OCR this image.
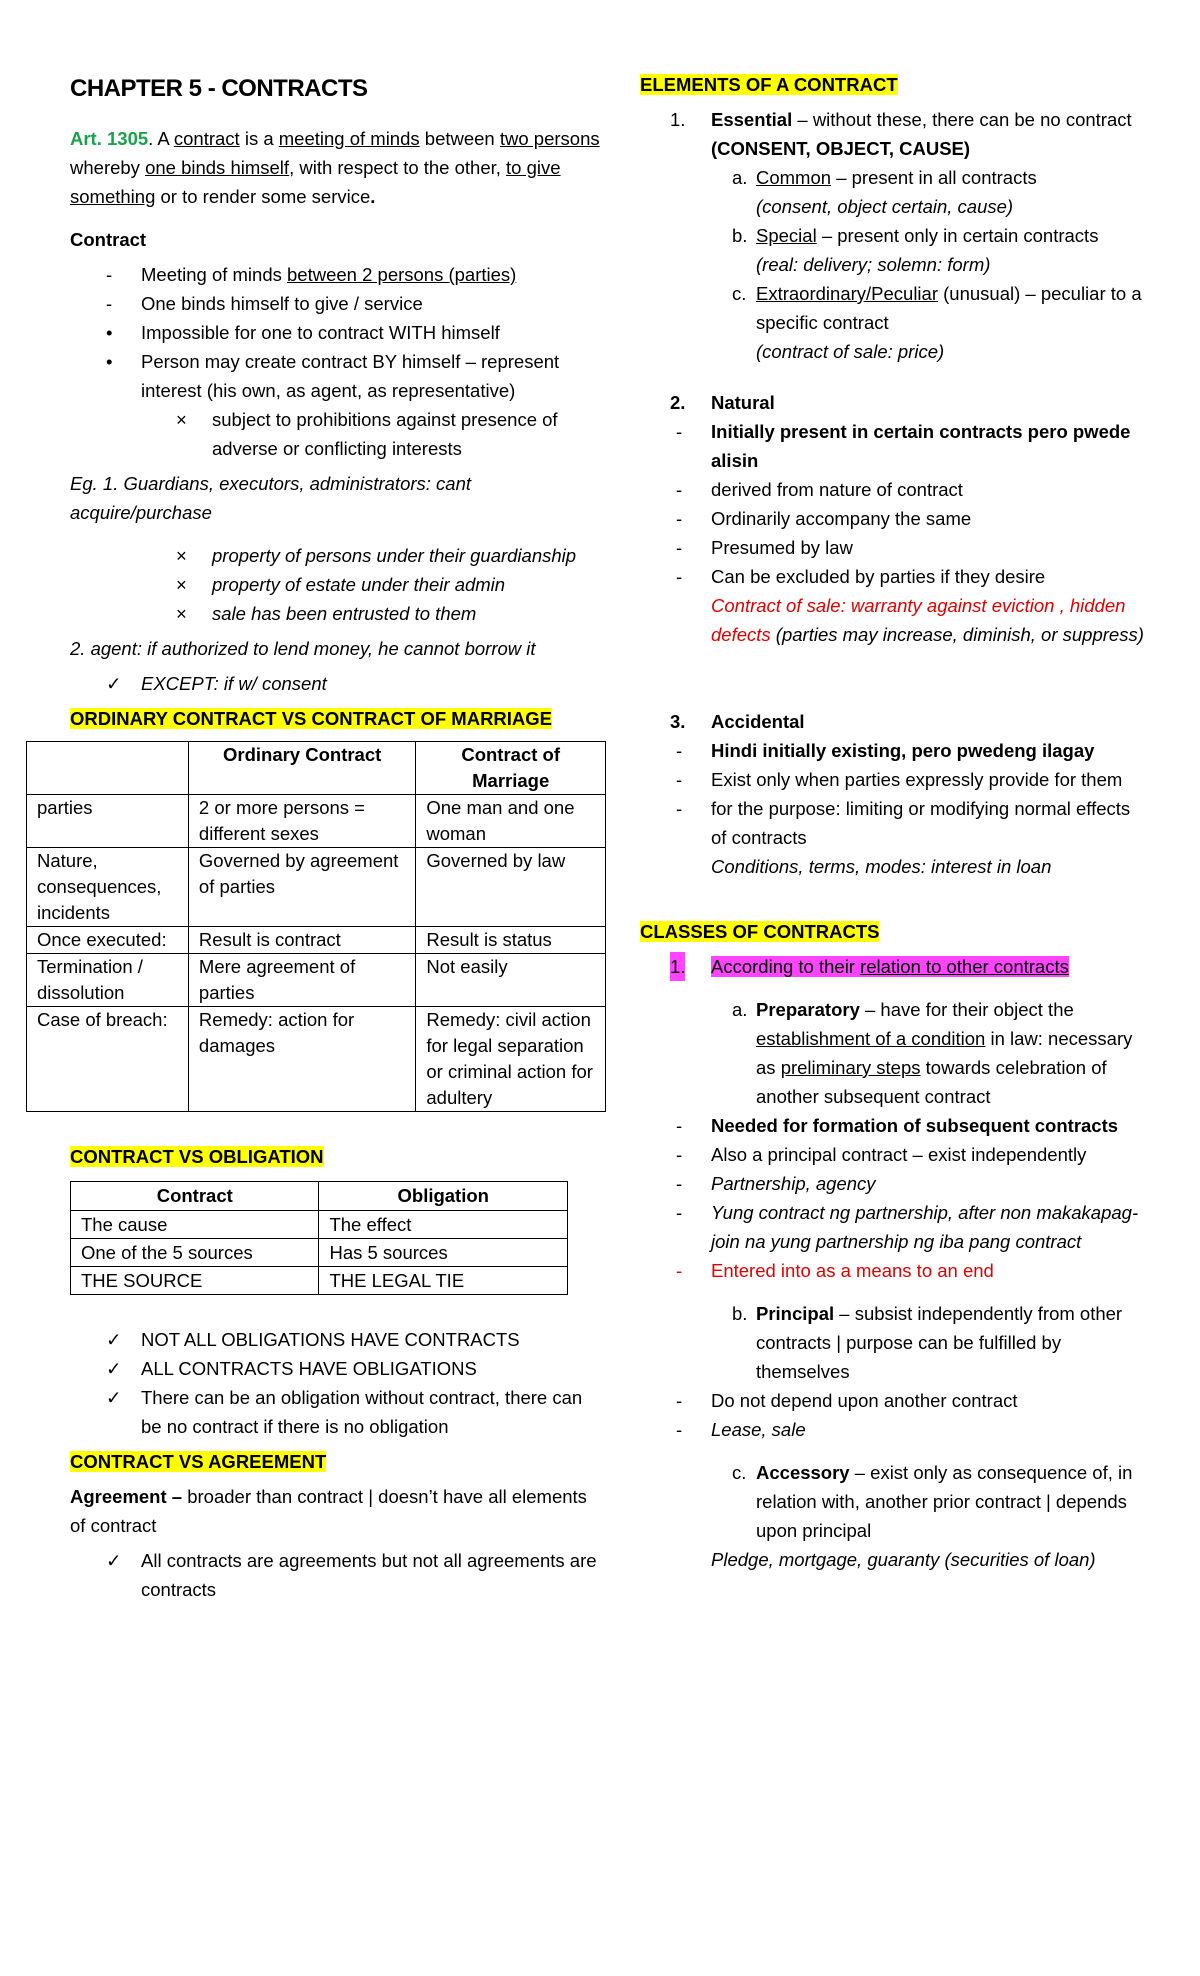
CHAPTER 5 - CONTRACTS

Art. 1305. A contract is a meeting of minds between two persons whereby one binds himself, with respect to the other, to give something or to render some service.

Contract

- Meeting of minds between 2 persons (parties)
- One binds himself to give / service
• Impossible for one to contract WITH himself
• Person may create contract BY himself – represent interest (his own, as agent, as representative)
× subject to prohibitions against presence of adverse or conflicting interests

Eg. 1. Guardians, executors, administrators: cant acquire/purchase

× property of persons under their guardianship
× property of estate under their admin
× sale has been entrusted to them

2. agent: if authorized to lend money, he cannot borrow it

✓ EXCEPT: if w/ consent

ORDINARY CONTRACT VS CONTRACT OF MARRIAGE

	Ordinary Contract	Contract of Marriage
parties	2 or more persons = different sexes	One man and one woman
Nature, consequences, incidents	Governed by agreement of parties	Governed by law
Once executed:	Result is contract	Result is status
Termination / dissolution	Mere agreement of parties	Not easily
Case of breach:	Remedy: action for damages	Remedy: civil action for legal separation or criminal action for adultery

CONTRACT VS OBLIGATION

Contract	Obligation
The cause	The effect
One of the 5 sources	Has 5 sources
THE SOURCE	THE LEGAL TIE
✓ NOT ALL OBLIGATIONS HAVE CONTRACTS
✓ ALL CONTRACTS HAVE OBLIGATIONS
✓ There can be an obligation without contract, there can be no contract if there is no obligation

CONTRACT VS AGREEMENT

Agreement – broader than contract | doesn’t have all elements of contract

✓ All contracts are agreements but not all agreements are contracts

ELEMENTS OF A CONTRACT

1. Essential – without these, there can be no contract
(CONSENT, OBJECT, CAUSE)
a. Common – present in all contracts
(consent, object certain, cause)
b. Special – present only in certain contracts
(real: delivery; solemn: form)
c. Extraordinary/Peculiar (unusual) – peculiar to a specific contract
(contract of sale: price)
2. Natural
- Initially present in certain contracts pero pwede alisin
- derived from nature of contract
- Ordinarily accompany the same
- Presumed by law
- Can be excluded by parties if they desire
Contract of sale: warranty against eviction , hidden defects (parties may increase, diminish, or suppress)
3. Accidental
- Hindi initially existing, pero pwedeng ilagay
- Exist only when parties expressly provide for them
- for the purpose: limiting or modifying normal effects of contracts
Conditions, terms, modes: interest in loan

CLASSES OF CONTRACTS

1. According to their relation to other contracts
a. Preparatory – have for their object the establishment of a condition in law: necessary as preliminary steps towards celebration of another subsequent contract
- Needed for formation of subsequent contracts
- Also a principal contract – exist independently
- Partnership, agency
- Yung contract ng partnership, after non makakapag-join na yung partnership ng iba pang contract
- Entered into as a means to an end
b. Principal – subsist independently from other contracts | purpose can be fulfilled by themselves
- Do not depend upon another contract
- Lease, sale
c. Accessory – exist only as consequence of, in relation with, another prior contract | depends upon principal
Pledge, mortgage, guaranty (securities of loan)
